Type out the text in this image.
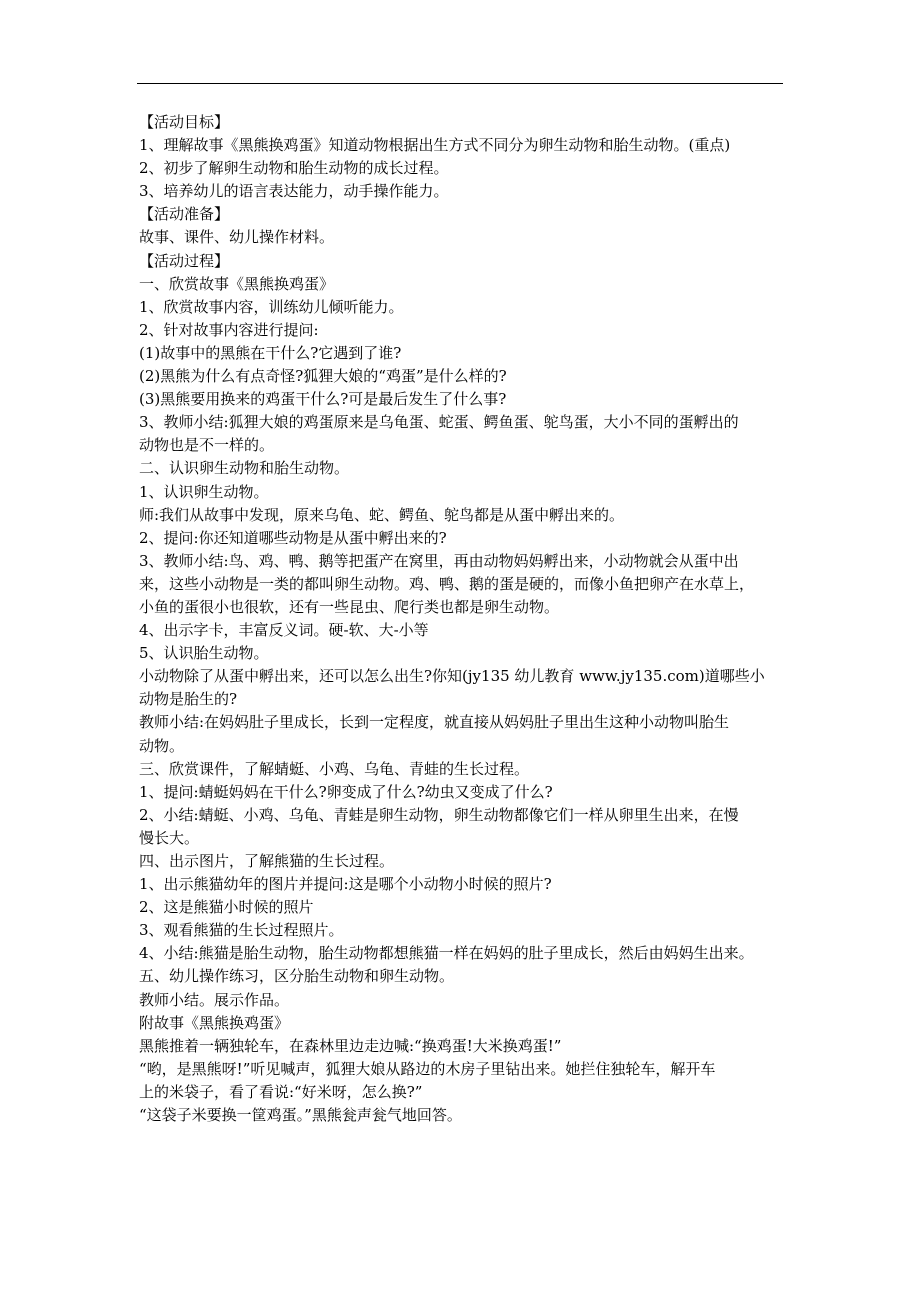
【活动目标】

1、理解故事《黑熊换鸡蛋》知道动物根据出生方式不同分为卵生动物和胎生动物。(重点)

2、初步了解卵生动物和胎生动物的成长过程。

3、培养幼儿的语言表达能力，动手操作能力。

【活动准备】

故事、课件、幼儿操作材料。

【活动过程】

一、欣赏故事《黑熊换鸡蛋》

1、欣赏故事内容，训练幼儿倾听能力。

2、针对故事内容进行提问:

(1)故事中的黑熊在干什么?它遇到了谁?

(2)黑熊为什么有点奇怪?狐狸大娘的“鸡蛋”是什么样的?

(3)黑熊要用换来的鸡蛋干什么?可是最后发生了什么事?

3、教师小结:狐狸大娘的鸡蛋原来是乌龟蛋、蛇蛋、鳄鱼蛋、鸵鸟蛋，大小不同的蛋孵出的

动物也是不一样的。

二、认识卵生动物和胎生动物。

1、认识卵生动物。

师:我们从故事中发现，原来乌龟、蛇、鳄鱼、鸵鸟都是从蛋中孵出来的。

2、提问:你还知道哪些动物是从蛋中孵出来的?

3、教师小结:鸟、鸡、鸭、鹅等把蛋产在窝里，再由动物妈妈孵出来，小动物就会从蛋中出

来，这些小动物是一类的都叫卵生动物。鸡、鸭、鹅的蛋是硬的，而像小鱼把卵产在水草上，

小鱼的蛋很小也很软，还有一些昆虫、爬行类也都是卵生动物。

4、出示字卡，丰富反义词。硬-软、大-小等

5、认识胎生动物。

小动物除了从蛋中孵出来，还可以怎么出生?你知(jy135 幼儿教育 www.jy135.com)道哪些小

动物是胎生的?

教师小结:在妈妈肚子里成长，长到一定程度，就直接从妈妈肚子里出生这种小动物叫胎生

动物。

三、欣赏课件，了解蜻蜓、小鸡、乌龟、青蛙的生长过程。

1、提问:蜻蜓妈妈在干什么?卵变成了什么?幼虫又变成了什么?

2、小结:蜻蜓、小鸡、乌龟、青蛙是卵生动物，卵生动物都像它们一样从卵里生出来，在慢

慢长大。

四、出示图片，了解熊猫的生长过程。

1、出示熊猫幼年的图片并提问:这是哪个小动物小时候的照片?

2、这是熊猫小时候的照片

3、观看熊猫的生长过程照片。

4、小结:熊猫是胎生动物，胎生动物都想熊猫一样在妈妈的肚子里成长，然后由妈妈生出来。

五、幼儿操作练习，区分胎生动物和卵生动物。

教师小结。展示作品。

附故事《黑熊换鸡蛋》

黑熊推着一辆独轮车，在森林里边走边喊:“换鸡蛋!大米换鸡蛋!”

“哟，是黑熊呀!”听见喊声，狐狸大娘从路边的木房子里钻出来。她拦住独轮车，解开车

上的米袋子，看了看说:“好米呀，怎么换?”

“这袋子米要换一筐鸡蛋。”黑熊瓮声瓮气地回答。
